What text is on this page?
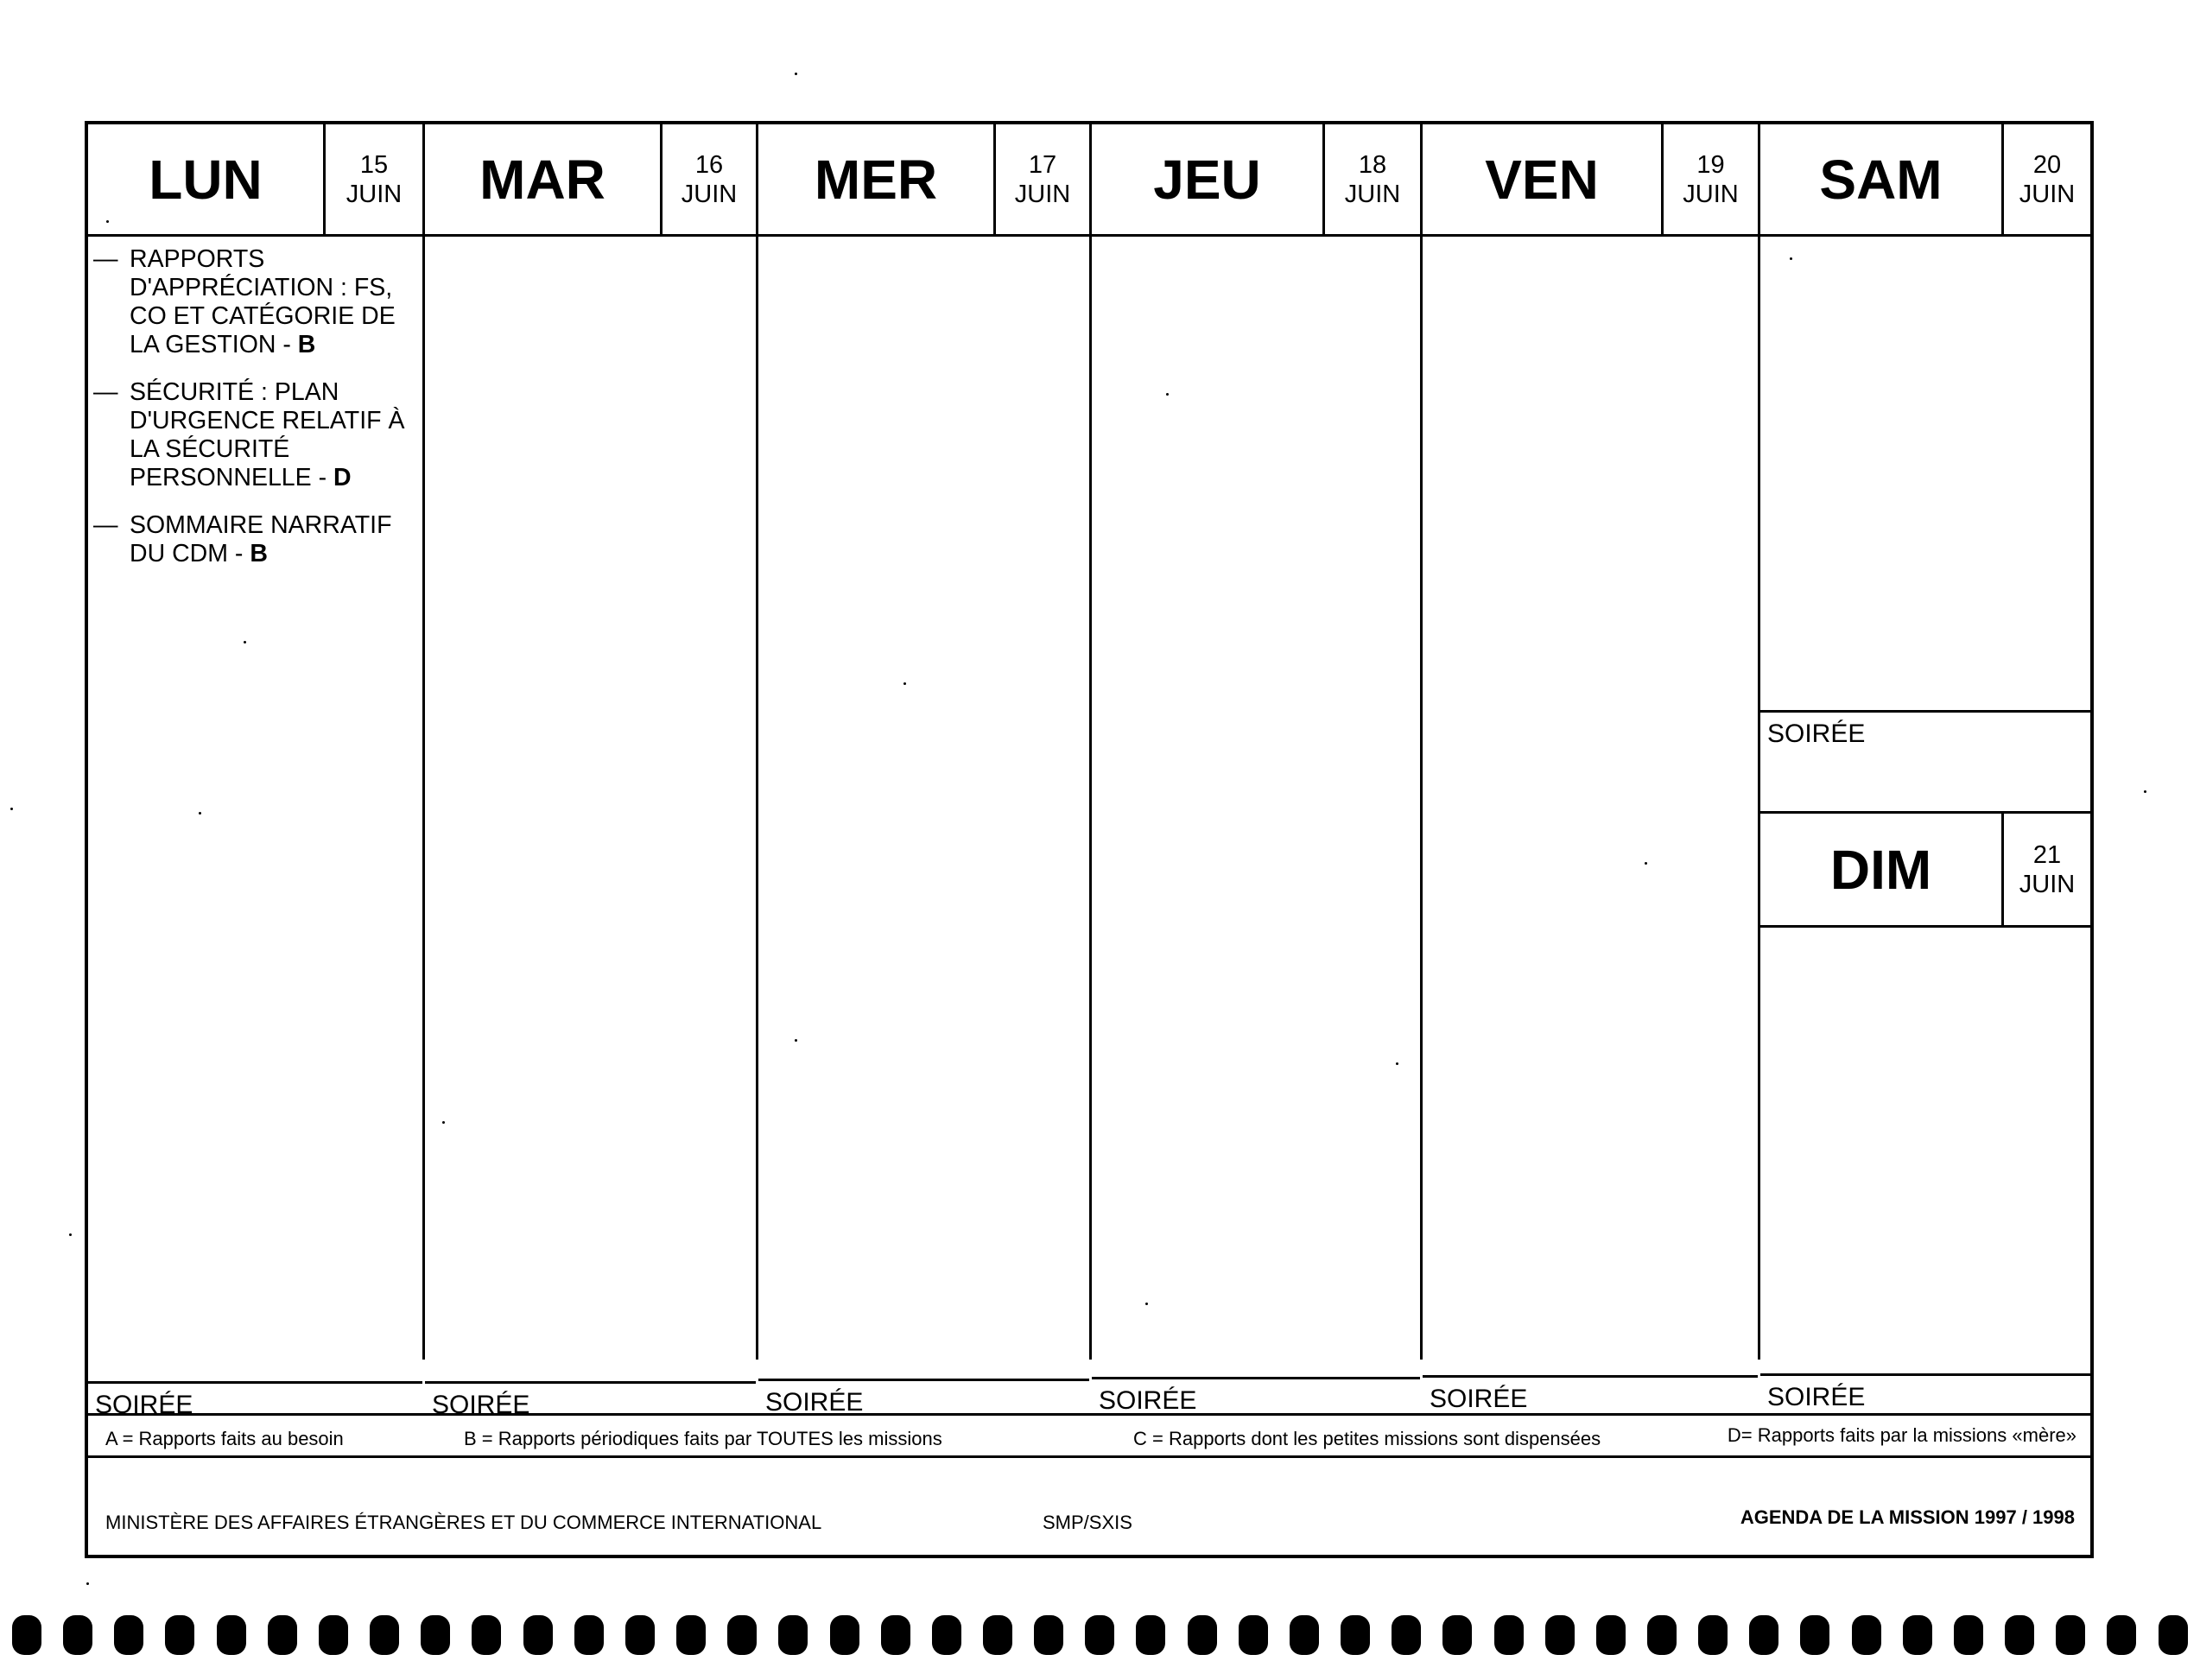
LUN	15
JUIN
— RAPPORTS D'APPRÉCIATION : FS, CO ET CATÉGORIE DE LA GESTION - B
— SÉCURITÉ : PLAN D'URGENCE RELATIF À LA SÉCURITÉ PERSONNELLE - D
— SOMMAIRE NARRATIF DU CDM - B
SOIRÉE
MAR	16
JUIN
SOIRÉE
MER	17
JUIN
SOIRÉE
JEU	18
JUIN
SOIRÉE
VEN	19
JUIN
SOIRÉE
SAM	20
JUIN
SOIRÉE
DIM	21
JUIN
SOIRÉE
A = Rapports faits au besoin	B = Rapports périodiques faits par TOUTES les missions	C = Rapports dont les petites missions sont dispensées	D= Rapports faits par la missions «mère»
MINISTÈRE DES AFFAIRES ÉTRANGÈRES ET DU COMMERCE INTERNATIONAL	SMP/SXIS	AGENDA DE LA MISSION 1997 / 1998
